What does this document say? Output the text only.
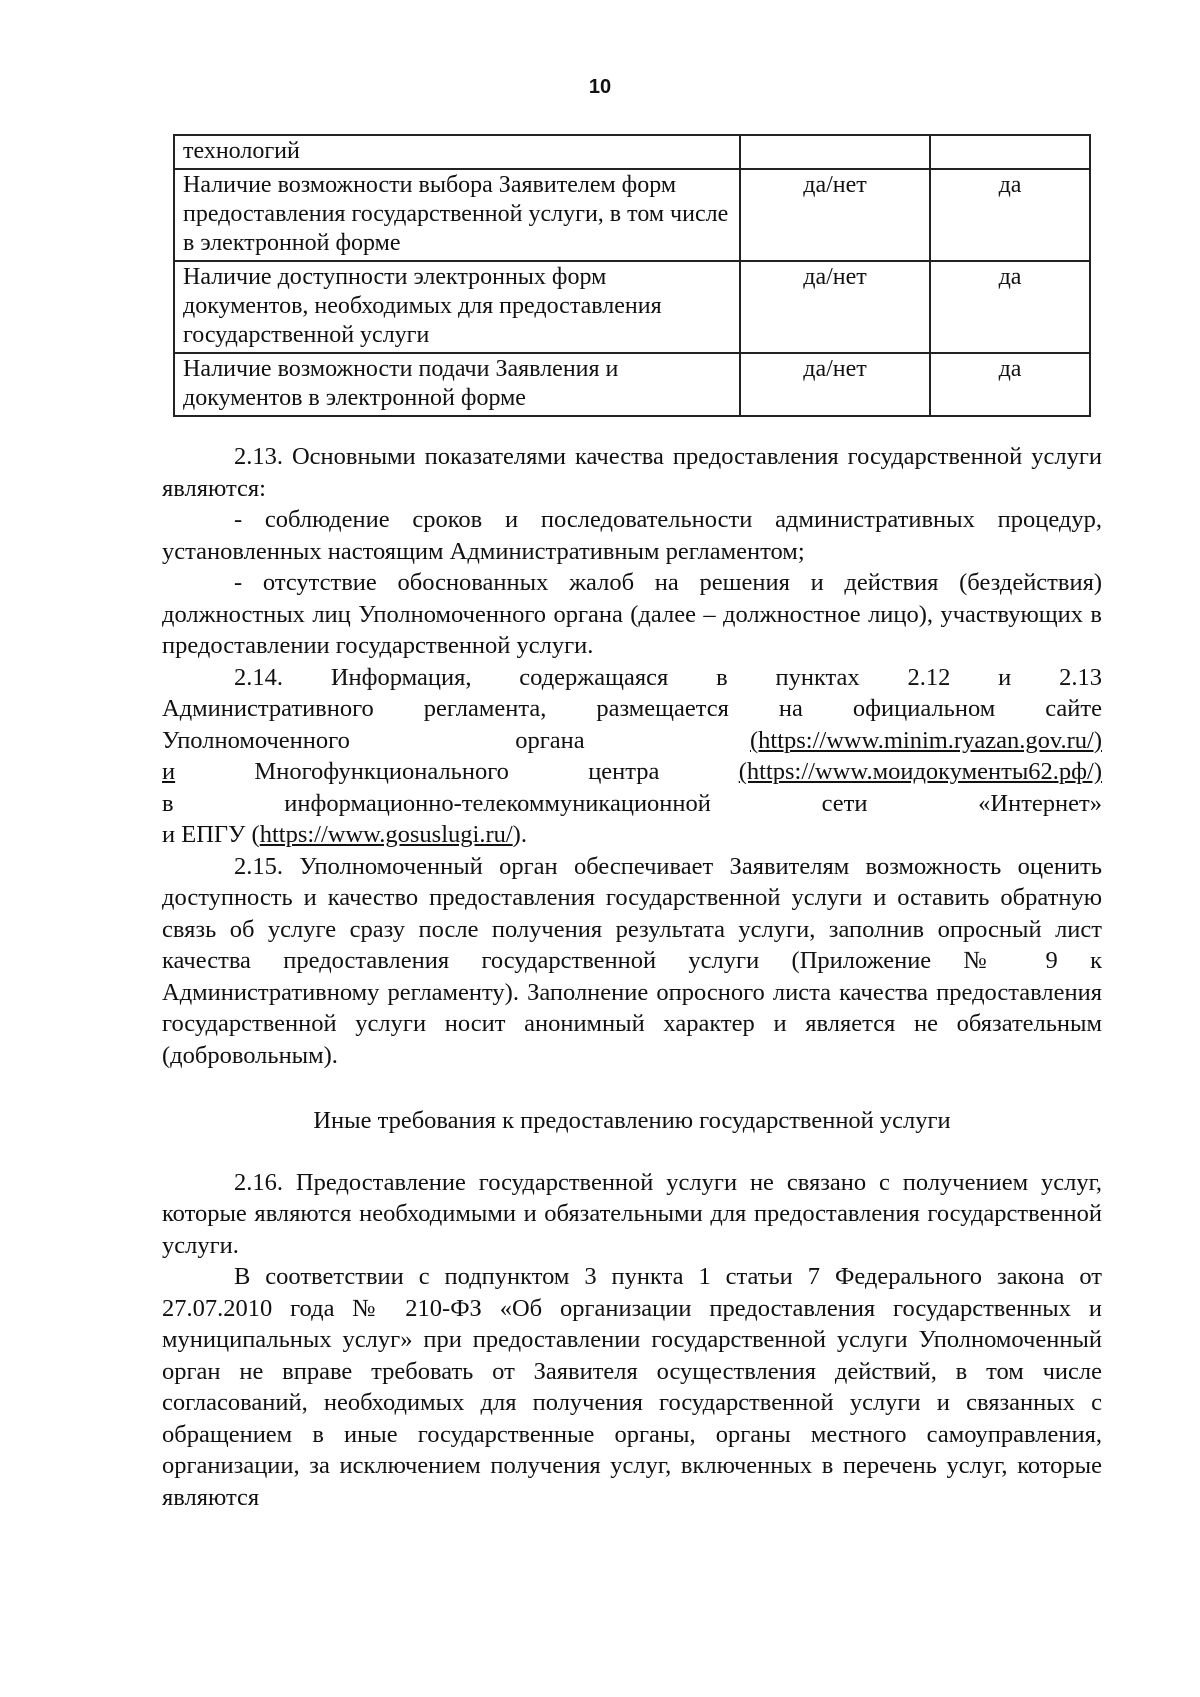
10
технологий		
Наличие возможности выбора Заявителем форм предоставления государственной услуги, в том числе в электронной форме	да/нет	да
Наличие доступности электронных форм документов, необходимых для предоставления государственной услуги	да/нет	да
Наличие возможности подачи Заявления и документов в электронной форме	да/нет	да

2.13. Основными показателями качества предоставления государственной услуги являются:

- соблюдение сроков и последовательности административных процедур, установленных настоящим Административным регламентом;

- отсутствие обоснованных жалоб на решения и действия (бездействия) должностных лиц Уполномоченного органа (далее – должностное лицо), участвующих в предоставлении государственной услуги.

2.14. Информация, содержащаяся в пунктах 2.12 и 2.13

Административного регламента, размещается на официальном сайте

Уполномоченного органа	(https://www.minim.ryazan.gov.ru/)

и	Многофункционального центра	(https://www.моидокументы62.рф/)

в информационно-телекоммуникационной сети «Интернет»

и ЕПГУ (https://www.gosuslugi.ru/).

2.15. Уполномоченный орган обеспечивает Заявителям возможность оценить доступность и качество предоставления государственной услуги и оставить обратную связь об услуге сразу после получения результата услуги, заполнив опросный лист качества предоставления государственной услуги (Приложение № 9 к Административному регламенту). Заполнение опросного листа качества предоставления государственной услуги носит анонимный характер и является не обязательным (добровольным).

Иные требования к предоставлению государственной услуги

2.16. Предоставление государственной услуги не связано с получением услуг, которые являются необходимыми и обязательными для предоставления государственной услуги.

В соответствии с подпунктом 3 пункта 1 статьи 7 Федерального закона от 27.07.2010 года № 210-ФЗ «Об организации предоставления государственных и муниципальных услуг» при предоставлении государственной услуги Уполномоченный орган не вправе требовать от Заявителя осуществления действий, в том числе согласований, необходимых для получения государственной услуги и связанных с обращением в иные государственные органы, органы местного самоуправления, организации, за исключением получения услуг, включенных в перечень услуг, которые являются
